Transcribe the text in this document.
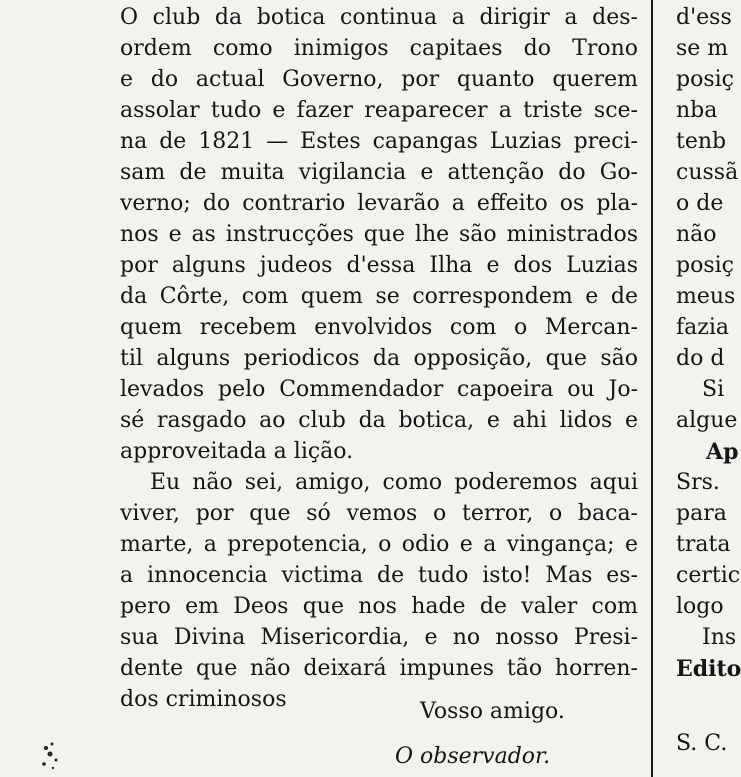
O club da botica continua a dirigir a des-
ordem como inimigos capitaes do Trono
e do actual Governo, por quanto querem
assolar tudo e fazer reaparecer a triste sce-
na de 1821 — Estes capangas Luzias preci-
sam de muita vigilancia e attenção do Go-
verno; do contrario levarão a effeito os pla-
nos e as instrucções que lhe são ministrados
por alguns judeos d'essa Ilha e dos Luzias
da Côrte, com quem se correspondem e de
quem recebem envolvidos com o Mercan-
til alguns periodicos da opposição, que são
levados pelo Commendador capoeira ou Jo-
sé rasgado ao club da botica, e ahi lidos e
approveitada a lição.
Eu não sei, amigo, como poderemos aqui
viver, por que só vemos o terror, o baca-
marte, a prepotencia, o odio e a vingança; e
a innocencia victima de tudo isto! Mas es-
pero em Deos que nos hade de valer com
sua Divina Misericordia, e no nosso Presi-
dente que não deixará impunes tão horren-
dos criminosos	Vosso amigo.
O observador.
d'ess
se m
posiç
nba
tenb
cussã
o de
não
posiç
meus
fazia
do d
Si
algue
Ap
Srs.
para
trata
certic
logo
Ins
Edito
S. C.
